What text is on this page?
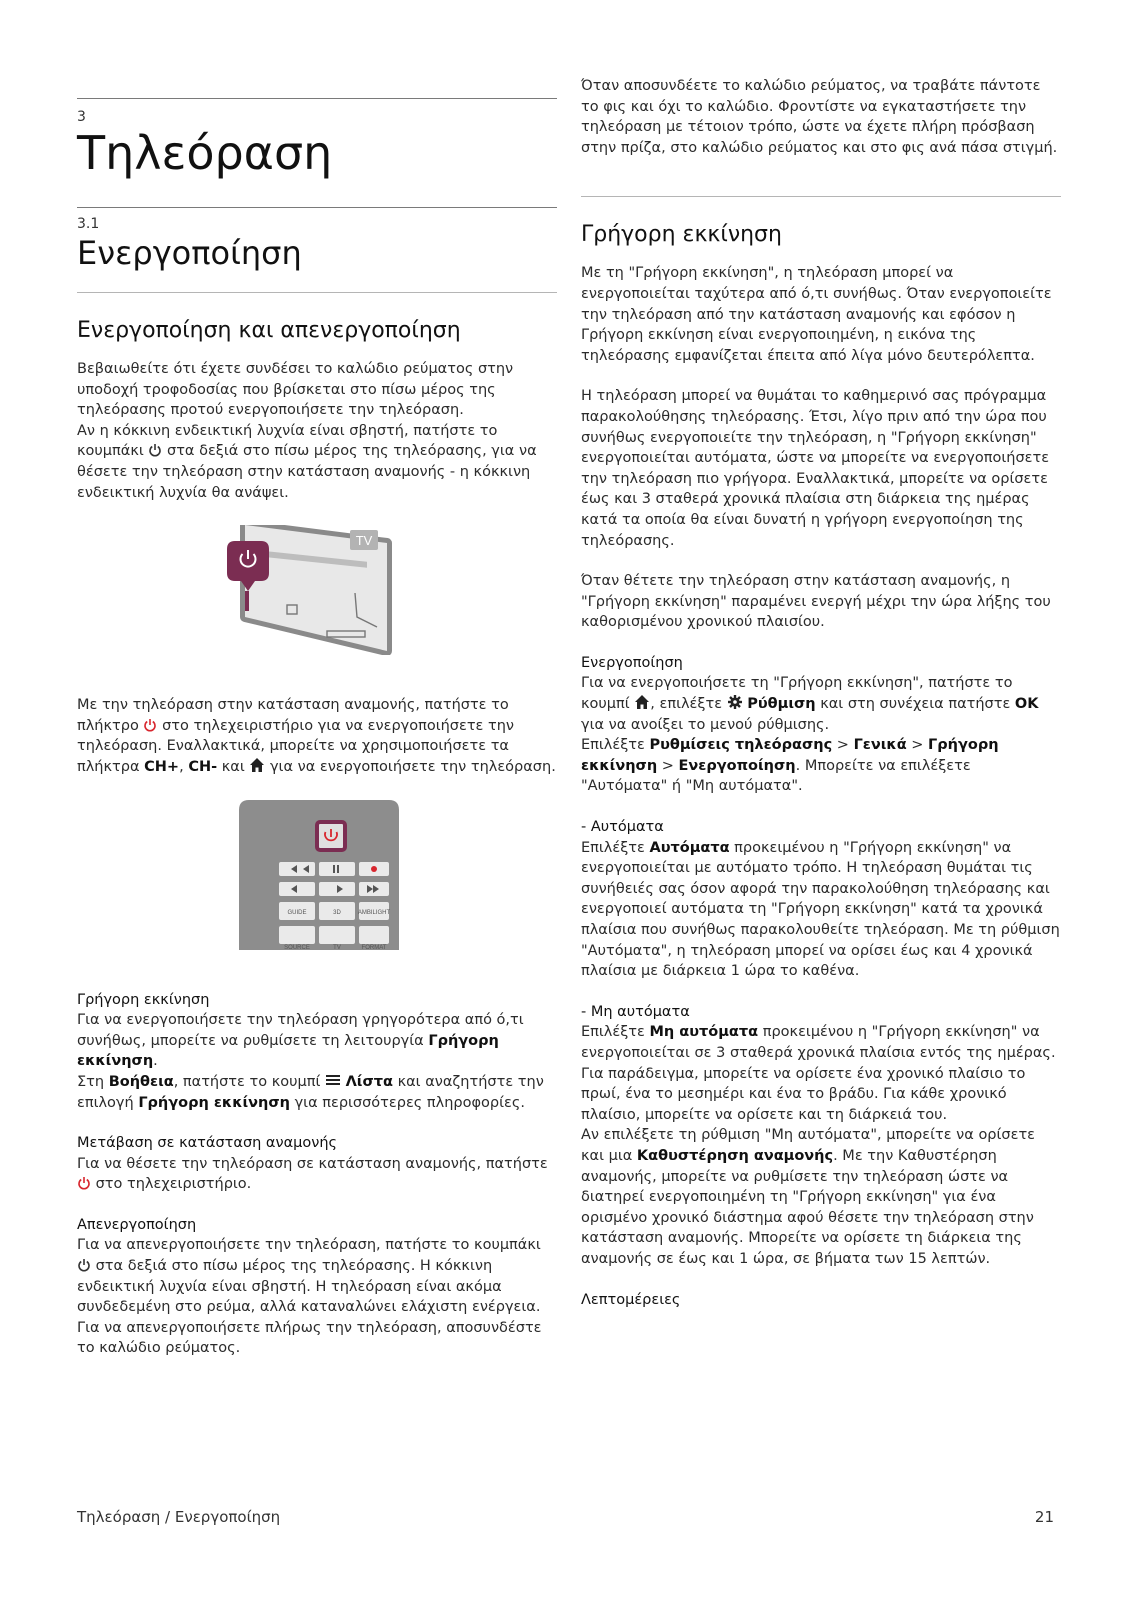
3
Τηλεόραση
3.1
Ενεργοποίηση
Ενεργοποίηση και απενεργοποίηση

Βεβαιωθείτε ότι έχετε συνδέσει το καλώδιο ρεύματος στην υποδοχή τροφοδοσίας που βρίσκεται στο πίσω μέρος της τηλεόρασης προτού ενεργοποιήσετε την τηλεόραση.

Αν η κόκκινη ενδεικτική λυχνία είναι σβηστή, πατήστε το κουμπάκι στα δεξιά στο πίσω μέρος της τηλεόρασης, για να θέσετε την τηλεόραση στην κατάσταση αναμονής - η κόκκινη ενδεικτική λυχνία θα ανάψει.

TV

Με την τηλεόραση στην κατάσταση αναμονής, πατήστε το πλήκτρο στο τηλεχειριστήριο για να ενεργοποιήσετε την τηλεόραση. Εναλλακτικά, μπορείτε να χρησιμοποιήσετε τα πλήκτρα CH+, CH- και για να ενεργοποιήσετε την τηλεόραση.

GUIDE	3D	AMBILIGHT
SOURCE	TV	FORMAT
Γρήγορη εκκίνηση

Για να ενεργοποιήσετε την τηλεόραση γρηγορότερα από ό,τι συνήθως, μπορείτε να ρυθμίσετε τη λειτουργία Γρήγορη εκκίνηση.

Στη Βοήθεια, πατήστε το κουμπί Λίστα και αναζητήστε την επιλογή Γρήγορη εκκίνηση για περισσότερες πληροφορίες.

Μετάβαση σε κατάσταση αναμονής

Για να θέσετε την τηλεόραση σε κατάσταση αναμονής, πατήστε  στο τηλεχειριστήριο.

Απενεργοποίηση

Για να απενεργοποιήσετε την τηλεόραση, πατήστε το κουμπάκι  στα δεξιά στο πίσω μέρος της τηλεόρασης. Η κόκκινη ενδεικτική λυχνία είναι σβηστή. Η τηλεόραση είναι ακόμα συνδεδεμένη στο ρεύμα, αλλά καταναλώνει ελάχιστη ενέργεια. Για να απενεργοποιήσετε πλήρως την τηλεόραση, αποσυνδέστε το καλώδιο ρεύματος.

Όταν αποσυνδέετε το καλώδιο ρεύματος, να τραβάτε πάντοτε το φις και όχι το καλώδιο. Φροντίστε να εγκαταστήσετε την τηλεόραση με τέτοιον τρόπο, ώστε να έχετε πλήρη πρόσβαση στην πρίζα, στο καλώδιο ρεύματος και στο φις ανά πάσα στιγμή.

Γρήγορη εκκίνηση

Με τη "Γρήγορη εκκίνηση", η τηλεόραση μπορεί να ενεργοποιείται ταχύτερα από ό,τι συνήθως. Όταν ενεργοποιείτε την τηλεόραση από την κατάσταση αναμονής και εφόσον η Γρήγορη εκκίνηση είναι ενεργοποιημένη, η εικόνα της τηλεόρασης εμφανίζεται έπειτα από λίγα μόνο δευτερόλεπτα.

Η τηλεόραση μπορεί να θυμάται το καθημερινό σας πρόγραμμα παρακολούθησης τηλεόρασης. Έτσι, λίγο πριν από την ώρα που συνήθως ενεργοποιείτε την τηλεόραση, η "Γρήγορη εκκίνηση" ενεργοποιείται αυτόματα, ώστε να μπορείτε να ενεργοποιήσετε την τηλεόραση πιο γρήγορα. Εναλλακτικά, μπορείτε να ορίσετε έως και 3 σταθερά χρονικά πλαίσια στη διάρκεια της ημέρας κατά τα οποία θα είναι δυνατή η γρήγορη ενεργοποίηση της τηλεόρασης.

Όταν θέτετε την τηλεόραση στην κατάσταση αναμονής, η "Γρήγορη εκκίνηση" παραμένει ενεργή μέχρι την ώρα λήξης του καθορισμένου χρονικού πλαισίου.

Ενεργοποίηση

Για να ενεργοποιήσετε τη "Γρήγορη εκκίνηση", πατήστε το κουμπί , επιλέξτε Ρύθμιση και στη συνέχεια πατήστε OK για να ανοίξει το μενού ρύθμισης.

Επιλέξτε Ρυθμίσεις τηλεόρασης > Γενικά > Γρήγορη εκκίνηση > Ενεργοποίηση. Μπορείτε να επιλέξετε "Αυτόματα" ή "Μη αυτόματα".

- Αυτόματα

Επιλέξτε Αυτόματα προκειμένου η "Γρήγορη εκκίνηση" να ενεργοποιείται με αυτόματο τρόπο. Η τηλεόραση θυμάται τις συνήθειές σας όσον αφορά την παρακολούθηση τηλεόρασης και ενεργοποιεί αυτόματα τη "Γρήγορη εκκίνηση" κατά τα χρονικά πλαίσια που συνήθως παρακολουθείτε τηλεόραση. Με τη ρύθμιση "Αυτόματα", η τηλεόραση μπορεί να ορίσει έως και 4 χρονικά πλαίσια με διάρκεια 1 ώρα το καθένα.

- Μη αυτόματα

Επιλέξτε Μη αυτόματα προκειμένου η "Γρήγορη εκκίνηση" να ενεργοποιείται σε 3 σταθερά χρονικά πλαίσια εντός της ημέρας. Για παράδειγμα, μπορείτε να ορίσετε ένα χρονικό πλαίσιο το πρωί, ένα το μεσημέρι και ένα το βράδυ. Για κάθε χρονικό πλαίσιο, μπορείτε να ορίσετε και τη διάρκειά του.

Αν επιλέξετε τη ρύθμιση "Μη αυτόματα", μπορείτε να ορίσετε και μια Καθυστέρηση αναμονής. Με την Καθυστέρηση αναμονής, μπορείτε να ρυθμίσετε την τηλεόραση ώστε να διατηρεί ενεργοποιημένη τη "Γρήγορη εκκίνηση" για ένα ορισμένο χρονικό διάστημα αφού θέσετε την τηλεόραση στην κατάσταση αναμονής. Μπορείτε να ορίσετε τη διάρκεια της αναμονής σε έως και 1 ώρα, σε βήματα των 15 λεπτών.

Λεπτομέρειες
Τηλεόραση / Ενεργοποίηση	21
